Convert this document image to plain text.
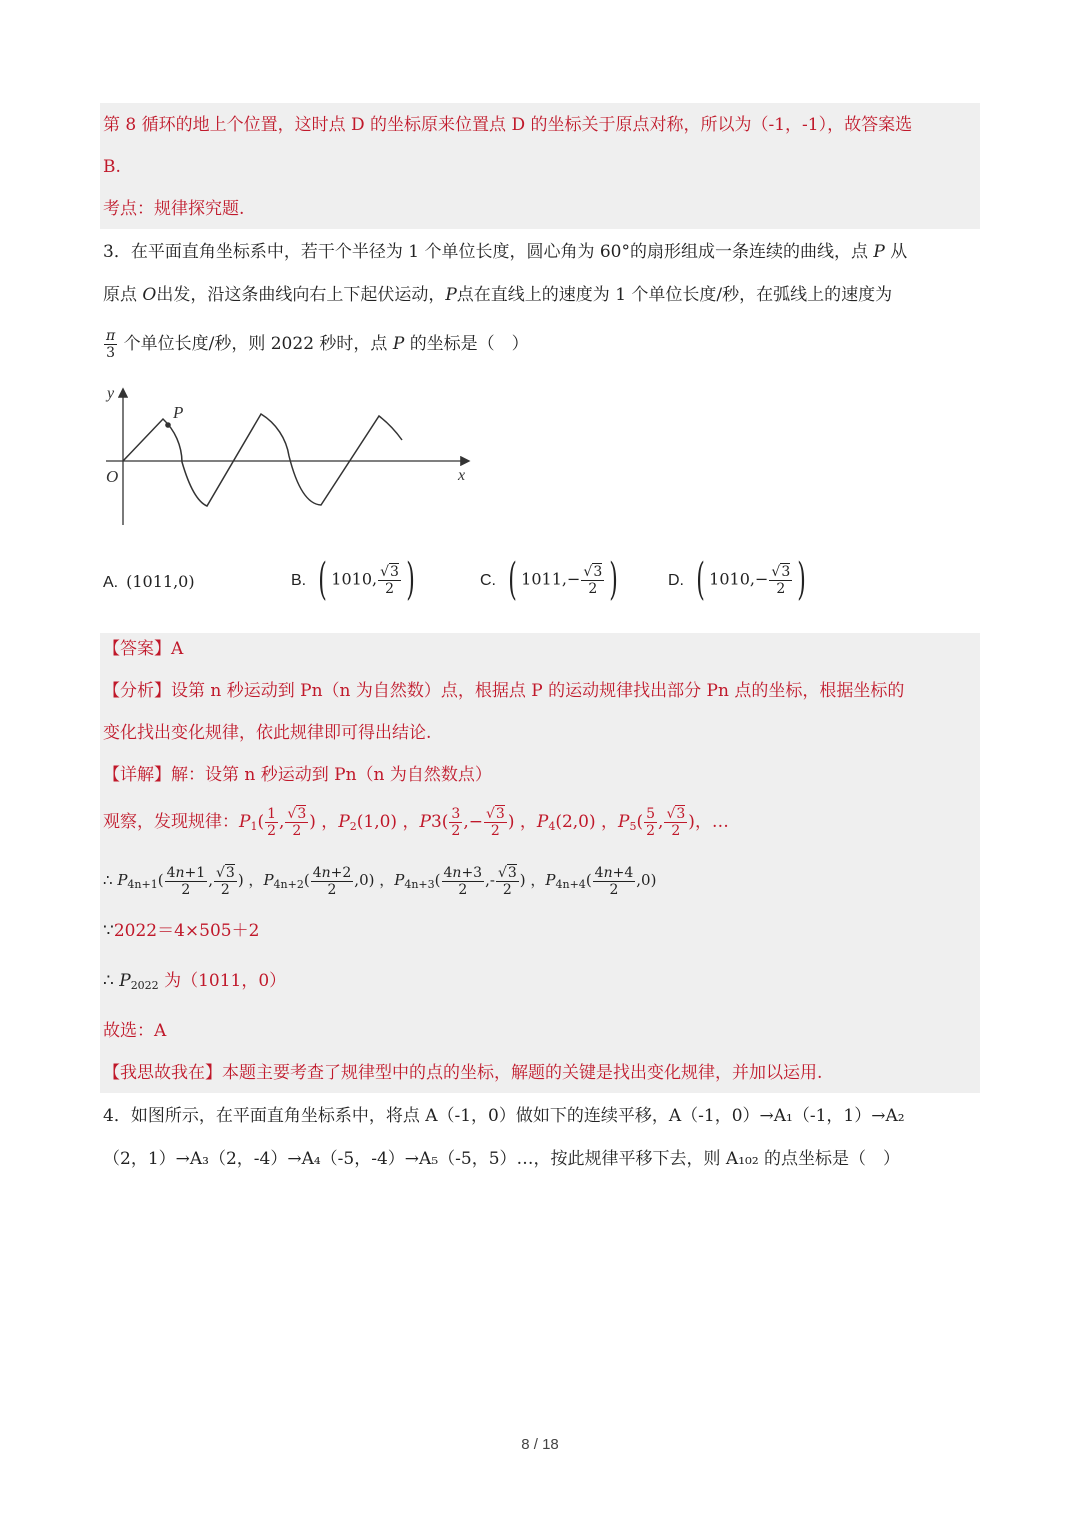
第 8 循环的地上个位置，这时点 D 的坐标原来位置点 D 的坐标关于原点对称，所以为（-1，-1），故答案选
B.
考点：规律探究题.
3．在平面直角坐标系中，若干个半径为 1 个单位长度，圆心角为 60°的扇形组成一条连续的曲线，点 P 从
原点 O出发，沿这条曲线向右上下起伏运动，P点在直线上的速度为 1 个单位长度/秒，在弧线上的速度为
$\frac{\pi}{3}$ 个单位长度/秒，则 2022 秒时，点 P 的坐标是（　）
y
x
O
P
A. (1011,0)	B. ( 1010, $\frac{√3}{2}$ )	C. ( $1011,- \frac{√3}{2}$ )	D. ( $1010,- \frac{√3}{2}$ )
【答案】A
【分析】设第 n 秒运动到 Pn（n 为自然数）点，根据点 P 的运动规律找出部分 Pn 点的坐标，根据坐标的
变化找出变化规律，依此规律即可得出结论.
【详解】解：设第 n 秒运动到 Pn（n 为自然数点）
观察，发现规律：$P_1( \frac{1}{2}$ , $\frac{√3}{2}$ ) ，$P_2(1,0)$ ，$P3( \frac{3}{2}$ ,− $\frac{√3}{2}$ ) ，$P_4(2,0)$ ，$P_5( \frac{5}{2}$ , $\frac{√3}{2}$ )，…
∴ $P_{4n+1}( \frac{4n+1}{2}$ , $\frac{√3}{2}$ ) ，$P_{4n+2}( \frac{4n+2}{2} ,0)$ ，$P_{4n+3}( \frac{4n+3}{2}$ ,- $\frac{√3}{2}$ ) ，$P_{4n+4}( \frac{4n+4}{2} ,0)$
∵2022＝4×505＋2
∴ $P_{2022}$ 为（1011，0）
故选：A
【我思故我在】本题主要考查了规律型中的点的坐标，解题的关键是找出变化规律，并加以运用.
4．如图所示，在平面直角坐标系中，将点 A（-1，0）做如下的连续平移，A（-1，0）→A₁（-1，1）→A₂
（2，1）→A₃（2，-4）→A₄（-5，-4）→A₅（-5，5）…，按此规律平移下去，则 A₁₀₂ 的点坐标是（　）
8 / 18
